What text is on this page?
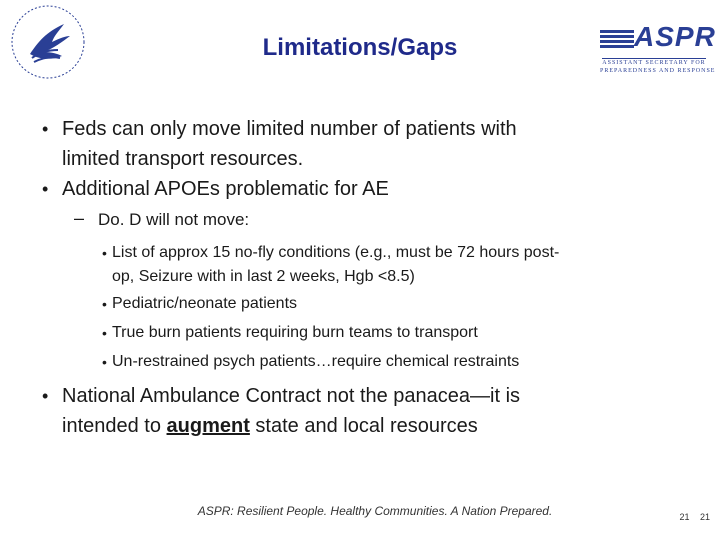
Limitations/Gaps	ASPR
ASSISTANT SECRETARY FOR
PREPAREDNESS AND RESPONSE
• Feds can only move limited number of patients with
limited transport resources.
• Additional APOEs problematic for AE
– Do. D will not move:
• List of approx 15 no-fly conditions (e.g., must be 72 hours post-
op, Seizure with in last 2 weeks, Hgb <8.5)
• Pediatric/neonate patients
• True burn patients requiring burn teams to transport
• Un-restrained psych patients…require chemical restraints
• National Ambulance Contract not the panacea—it is
intended to augment state and local resources
ASPR: Resilient People. Healthy Communities. A Nation Prepared.	21 21
